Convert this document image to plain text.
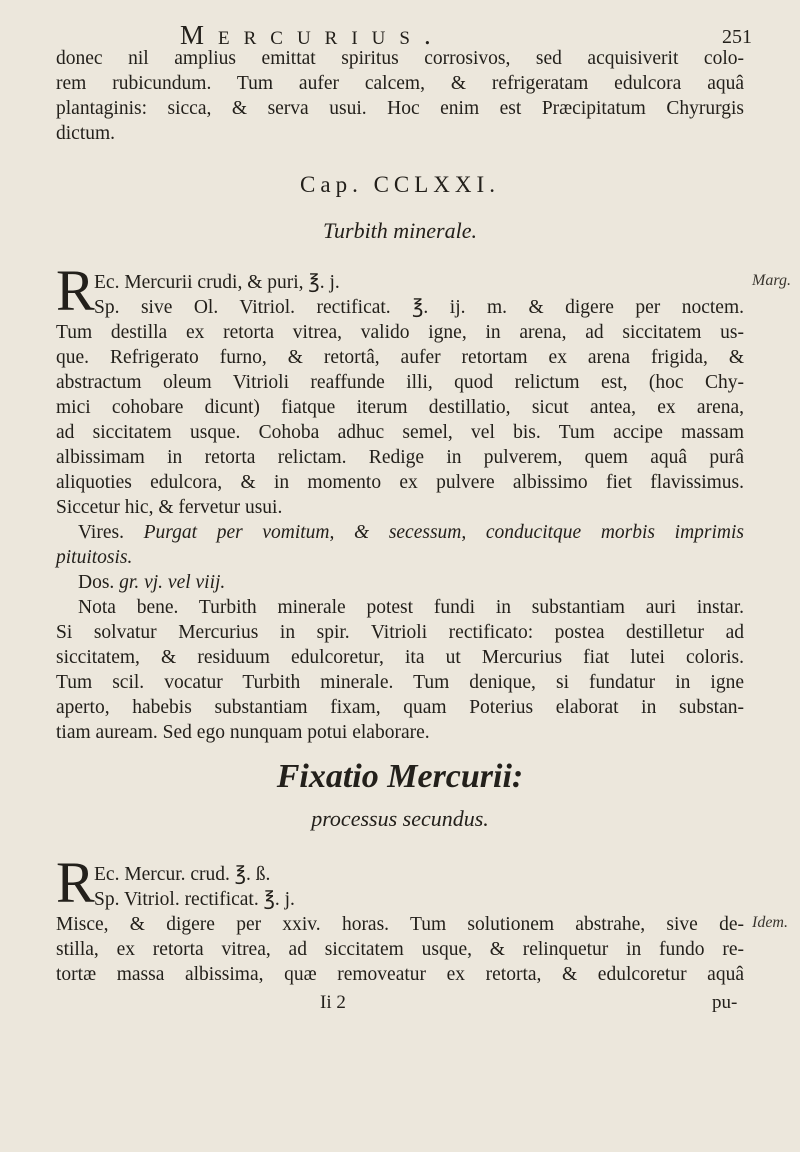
Mercurius.	251
donec nil amplius emittat spiritus corrosivos, sed acquisiverit colo-
rem rubicundum. Tum aufer calcem, & refrigeratam edulcora aquâ
plantaginis: sicca, & serva usui. Hoc enim est Præcipitatum Chyrurgis
dictum.
Cap. CCLXXI.
Turbith minerale.
R	Marg.
Ec. Mercurii crudi, & puri, ℥. j.
Sp. sive Ol. Vitriol. rectificat. ℥. ij. m. & digere per noctem.
Tum destilla ex retorta vitrea, valido igne, in arena, ad siccitatem us-
que. Refrigerato furno, & retortâ, aufer retortam ex arena frigida, &
abstractum oleum Vitrioli reaffunde illi, quod relictum est, (hoc Chy-
mici cohobare dicunt) fiatque iterum destillatio, sicut antea, ex arena,
ad siccitatem usque. Cohoba adhuc semel, vel bis. Tum accipe massam
albissimam in retorta relictam. Redige in pulverem, quem aquâ purâ
aliquoties edulcora, & in momento ex pulvere albissimo fiet flavissimus.
Siccetur hic, & fervetur usui.
Vires. Purgat per vomitum, & secessum, conducitque morbis imprimis
pituitosis.
Dos. gr. vj. vel viij.
Nota bene. Turbith minerale potest fundi in substantiam auri instar.
Si solvatur Mercurius in spir. Vitrioli rectificato: postea destilletur ad
siccitatem, & residuum edulcoretur, ita ut Mercurius fiat lutei coloris.
Tum scil. vocatur Turbith minerale. Tum denique, si fundatur in igne
aperto, habebis substantiam fixam, quam Poterius elaborat in substan-
tiam auream. Sed ego nunquam potui elaborare.
Fixatio Mercurii:
processus secundus.
R
Idem.
Ec. Mercur. crud. ℥. ß.
Sp. Vitriol. rectificat. ℥. j.
Misce, & digere per xxiv. horas. Tum solutionem abstrahe, sive de-
stilla, ex retorta vitrea, ad siccitatem usque, & relinquetur in fundo re-
tortæ massa albissima, quæ removeatur ex retorta, & edulcoretur aquâ
Ii 2	pu-
